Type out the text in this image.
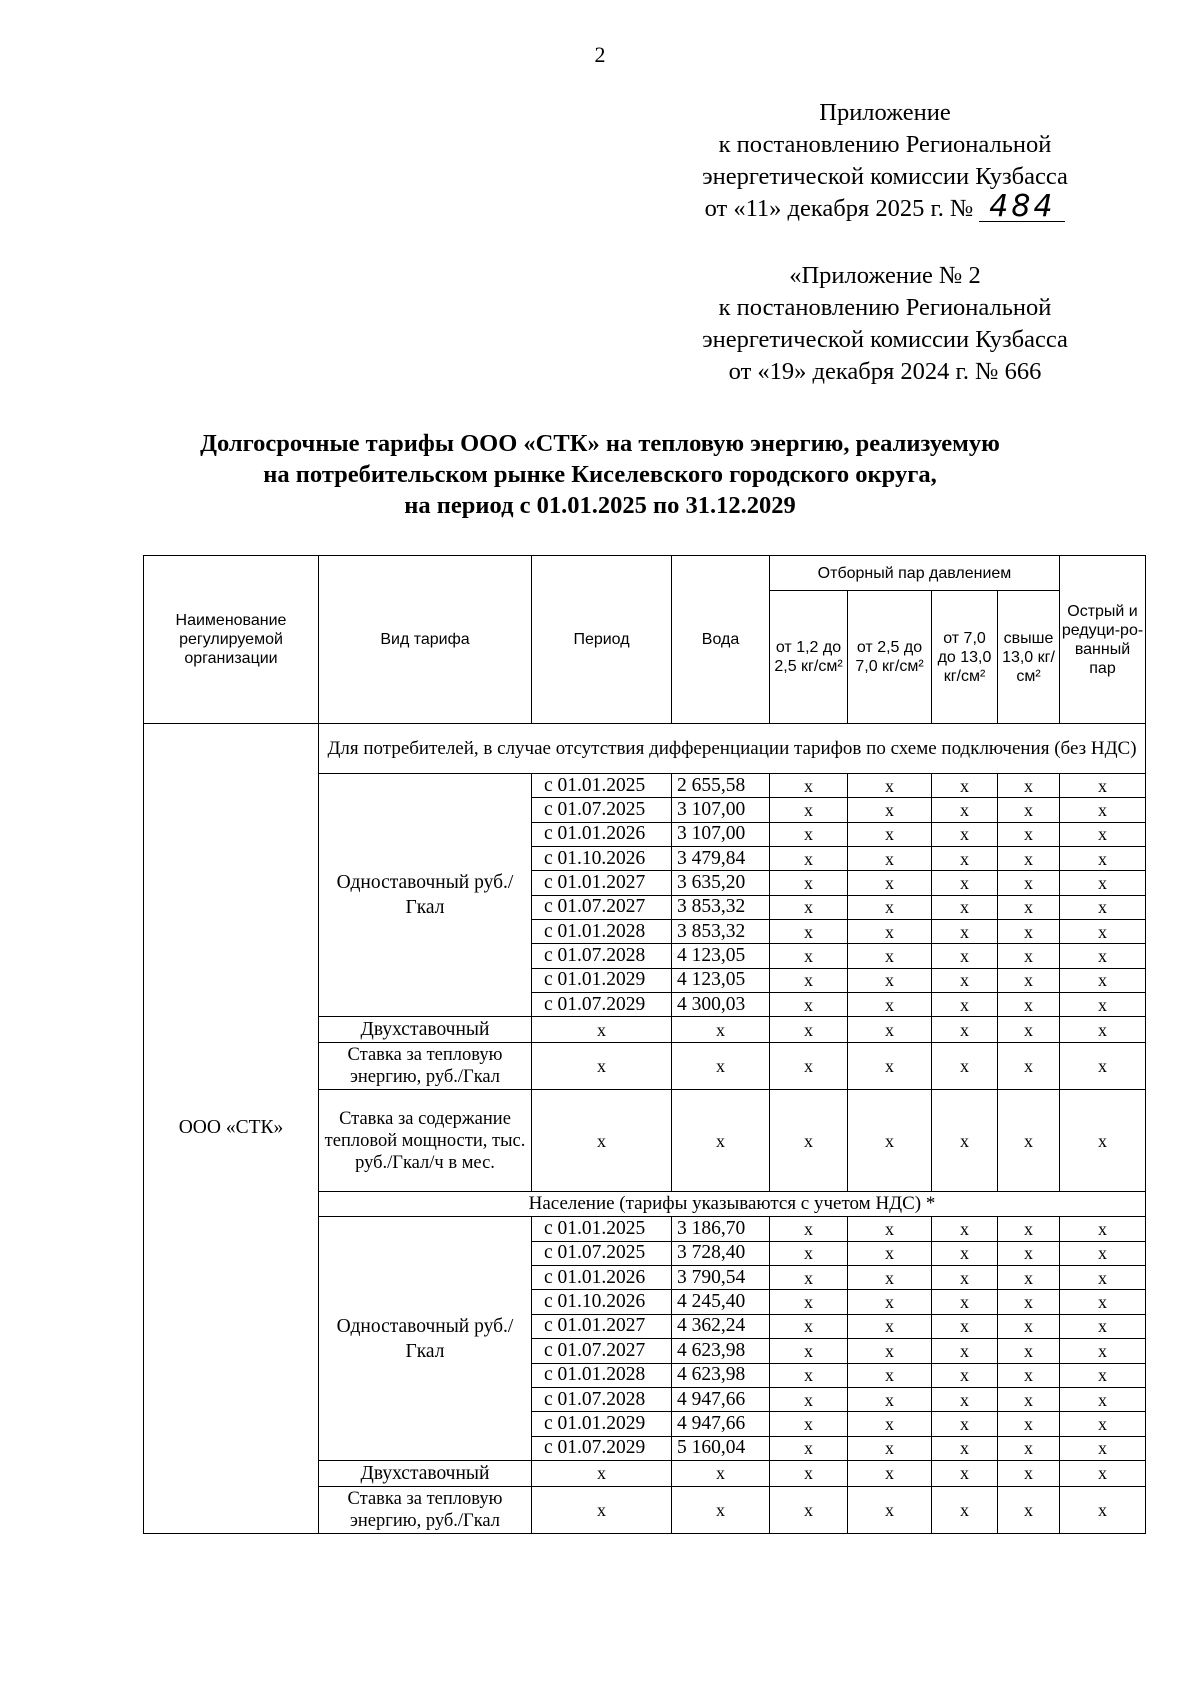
2
Приложение
к постановлению Региональной
энергетической комиссии Кузбасса
от «11» декабря 2025 г. № 484
«Приложение № 2
к постановлению Региональной
энергетической комиссии Кузбасса
от «19» декабря 2024 г. № 666
Долгосрочные тарифы ООО «СТК» на тепловую энергию, реализуемую
на потребительском рынке Киселевского городского округа,
на период с 01.01.2025 по 31.12.2029
Наименование регулируемой организации	Вид тарифа	Период	Вода	Отборный пар давлением				Острый и редуци-ро-ванный пар
				от 1,2 до 2,5 кг/см²	от 2,5 до 7,0 кг/см²	от 7,0 до 13,0 кг/см²	свыше 13,0 кг/см²	
ООО «СТК»	Для потребителей, в случае отсутствия дифференциации тарифов по схеме подключения (без НДС)							
	Одноставочный руб./Гкал	с 01.01.2025	2 655,58	x	x	x	x	x
		с 01.07.2025	3 107,00	x	x	x	x	x
		с 01.01.2026	3 107,00	x	x	x	x	x
		с 01.10.2026	3 479,84	x	x	x	x	x
		с 01.01.2027	3 635,20	x	x	x	x	x
		с 01.07.2027	3 853,32	x	x	x	x	x
		с 01.01.2028	3 853,32	x	x	x	x	x
		с 01.07.2028	4 123,05	x	x	x	x	x
		с 01.01.2029	4 123,05	x	x	x	x	x
		с 01.07.2029	4 300,03	x	x	x	x	x
	Двухставочный	x	x	x	x	x	x	x
	Ставка за тепловую энергию, руб./Гкал	x	x	x	x	x	x	x
	Ставка за содержание тепловой мощности, тыс. руб./Гкал/ч в мес.	x	x	x	x	x	x	x
	Население (тарифы указываются с учетом НДС) *							
	Одноставочный руб./Гкал	с 01.01.2025	3 186,70	x	x	x	x	x
		с 01.07.2025	3 728,40	x	x	x	x	x
		с 01.01.2026	3 790,54	x	x	x	x	x
		с 01.10.2026	4 245,40	x	x	x	x	x
		с 01.01.2027	4 362,24	x	x	x	x	x
		с 01.07.2027	4 623,98	x	x	x	x	x
		с 01.01.2028	4 623,98	x	x	x	x	x
		с 01.07.2028	4 947,66	x	x	x	x	x
		с 01.01.2029	4 947,66	x	x	x	x	x
		с 01.07.2029	5 160,04	x	x	x	x	x
	Двухставочный	x	x	x	x	x	x	x
	Ставка за тепловую энергию, руб./Гкал	x	x	x	x	x	x	x
